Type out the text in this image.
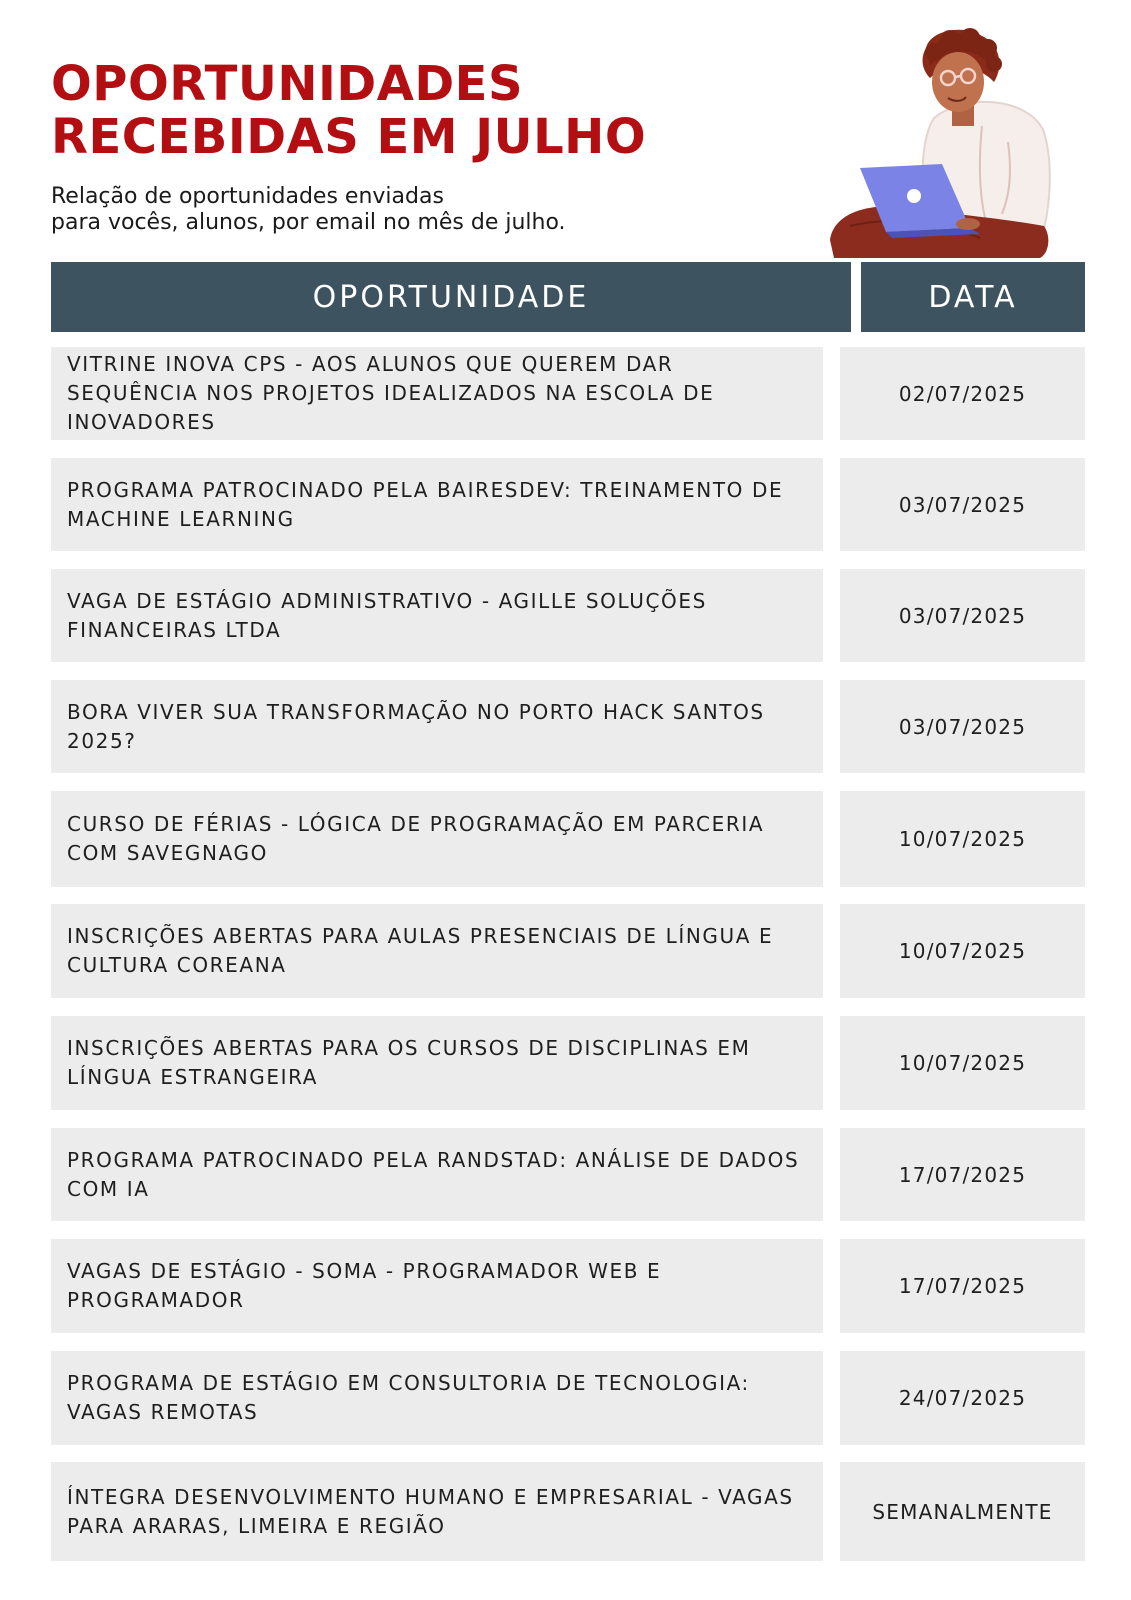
OPORTUNIDADES
RECEBIDAS EM JULHO

Relação de oportunidades enviadas
para vocês, alunos, por email no mês de julho.

OPORTUNIDADE	DATA
VITRINE INOVA CPS - AOS ALUNOS QUE QUEREM DAR SEQUÊNCIA NOS PROJETOS IDEALIZADOS NA ESCOLA DE INOVADORES
02/07/2025
PROGRAMA PATROCINADO PELA BAIRESDEV: TREINAMENTO DE MACHINE LEARNING
03/07/2025
VAGA DE ESTÁGIO ADMINISTRATIVO - AGILLE SOLUÇÕES FINANCEIRAS LTDA
03/07/2025
BORA VIVER SUA TRANSFORMAÇÃO NO PORTO HACK SANTOS 2025?
03/07/2025
CURSO DE FÉRIAS - LÓGICA DE PROGRAMAÇÃO EM PARCERIA COM SAVEGNAGO
10/07/2025
INSCRIÇÕES ABERTAS PARA AULAS PRESENCIAIS DE LÍNGUA E CULTURA COREANA
10/07/2025
INSCRIÇÕES ABERTAS PARA OS CURSOS DE DISCIPLINAS EM LÍNGUA ESTRANGEIRA
10/07/2025
PROGRAMA PATROCINADO PELA RANDSTAD: ANÁLISE DE DADOS COM IA
17/07/2025
VAGAS DE ESTÁGIO - SOMA - PROGRAMADOR WEB E PROGRAMADOR
17/07/2025
PROGRAMA DE ESTÁGIO EM CONSULTORIA DE TECNOLOGIA: VAGAS REMOTAS
24/07/2025
ÍNTEGRA DESENVOLVIMENTO HUMANO E EMPRESARIAL - VAGAS PARA ARARAS, LIMEIRA E REGIÃO
SEMANALMENTE
